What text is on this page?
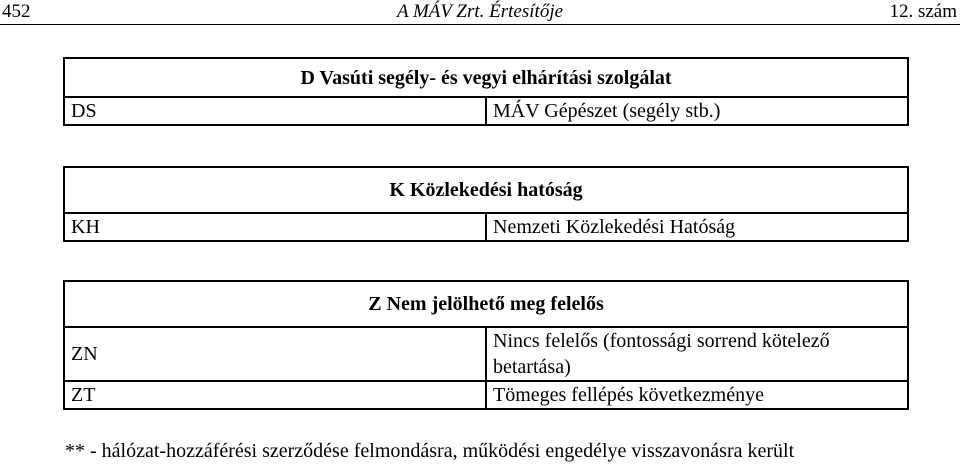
452	A MÁV Zrt. Értesítője	12. szám
D Vasúti segély- és vegyi elhárítási szolgálat
DS	MÁV Gépészet (segély stb.)
K Közlekedési hatóság
KH	Nemzeti Közlekedési Hatóság
Z Nem jelölhető meg felelős	
ZN	Nincs felelős (fontossági sorrend kötelező betartása)
ZT	Tömeges fellépés következménye
** - hálózat-hozzáférési szerződése felmondásra, működési engedélye visszavonásra került
